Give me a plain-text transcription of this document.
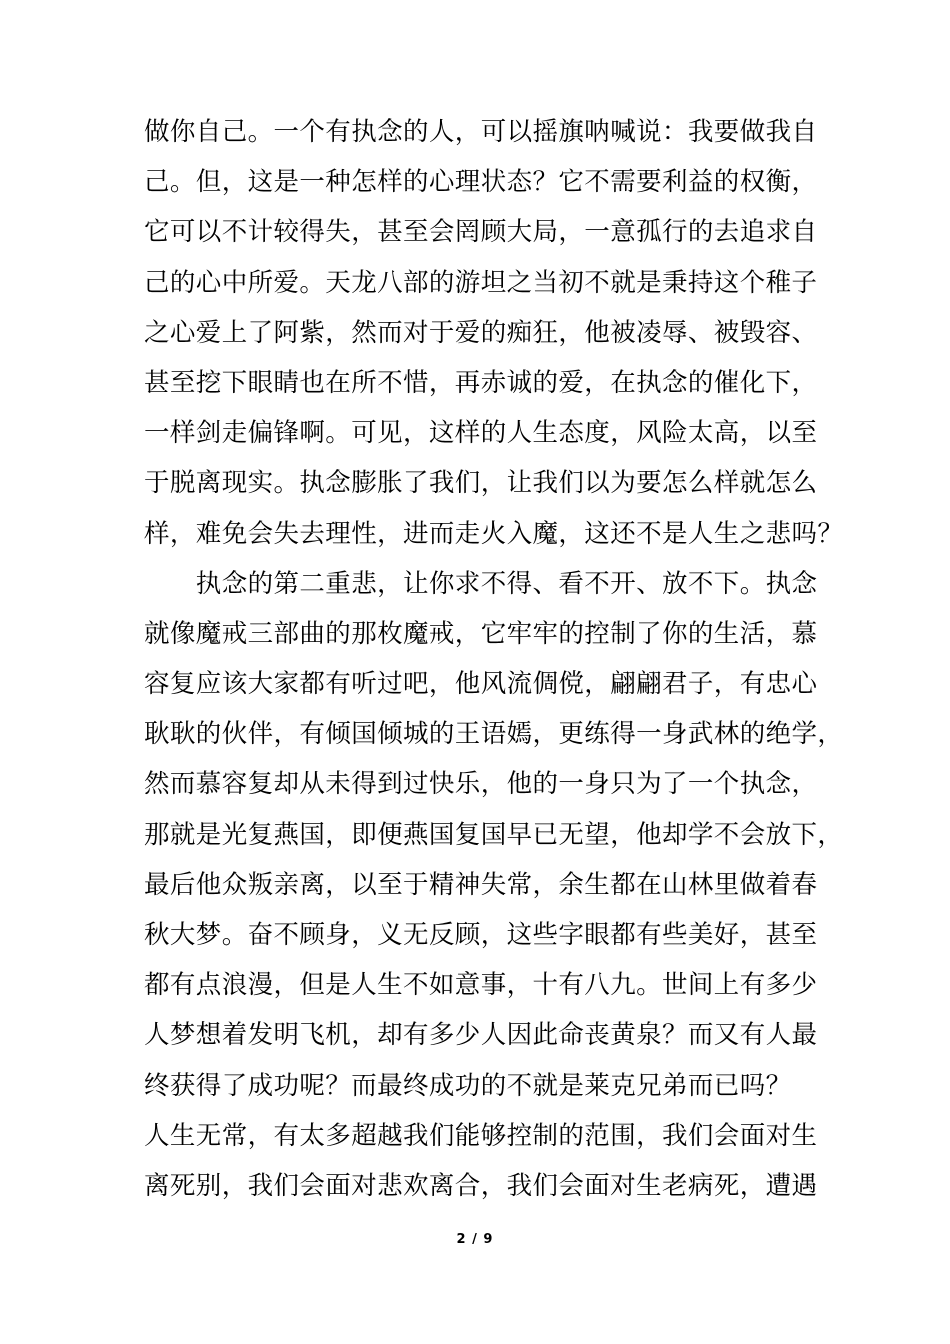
做你自己。一个有执念的人，可以摇旗呐喊说：我要做我自
己。但，这是一种怎样的心理状态？它不需要利益的权衡，
它可以不计较得失，甚至会罔顾大局，一意孤行的去追求自
己的心中所爱。天龙八部的游坦之当初不就是秉持这个稚子
之心爱上了阿紫，然而对于爱的痴狂，他被凌辱、被毁容、
甚至挖下眼睛也在所不惜，再赤诚的爱，在执念的催化下，
一样剑走偏锋啊。可见，这样的人生态度，风险太高，以至
于脱离现实。执念膨胀了我们，让我们以为要怎么样就怎么
样，难免会失去理性，进而走火入魔，这还不是人生之悲吗？
　　执念的第二重悲，让你求不得、看不开、放不下。执念
就像魔戒三部曲的那枚魔戒，它牢牢的控制了你的生活，慕
容复应该大家都有听过吧，他风流倜傥，翩翩君子，有忠心
耿耿的伙伴，有倾国倾城的王语嫣，更练得一身武林的绝学，
然而慕容复却从未得到过快乐，他的一身只为了一个执念，
那就是光复燕国，即便燕国复国早已无望，他却学不会放下，
最后他众叛亲离，以至于精神失常，余生都在山林里做着春
秋大梦。奋不顾身，义无反顾，这些字眼都有些美好，甚至
都有点浪漫，但是人生不如意事，十有八九。世间上有多少
人梦想着发明飞机，却有多少人因此命丧黄泉？而又有人最
终获得了成功呢？而最终成功的不就是莱克兄弟而已吗？
人生无常，有太多超越我们能够控制的范围，我们会面对生
离死别，我们会面对悲欢离合，我们会面对生老病死，遭遇
2 / 9
